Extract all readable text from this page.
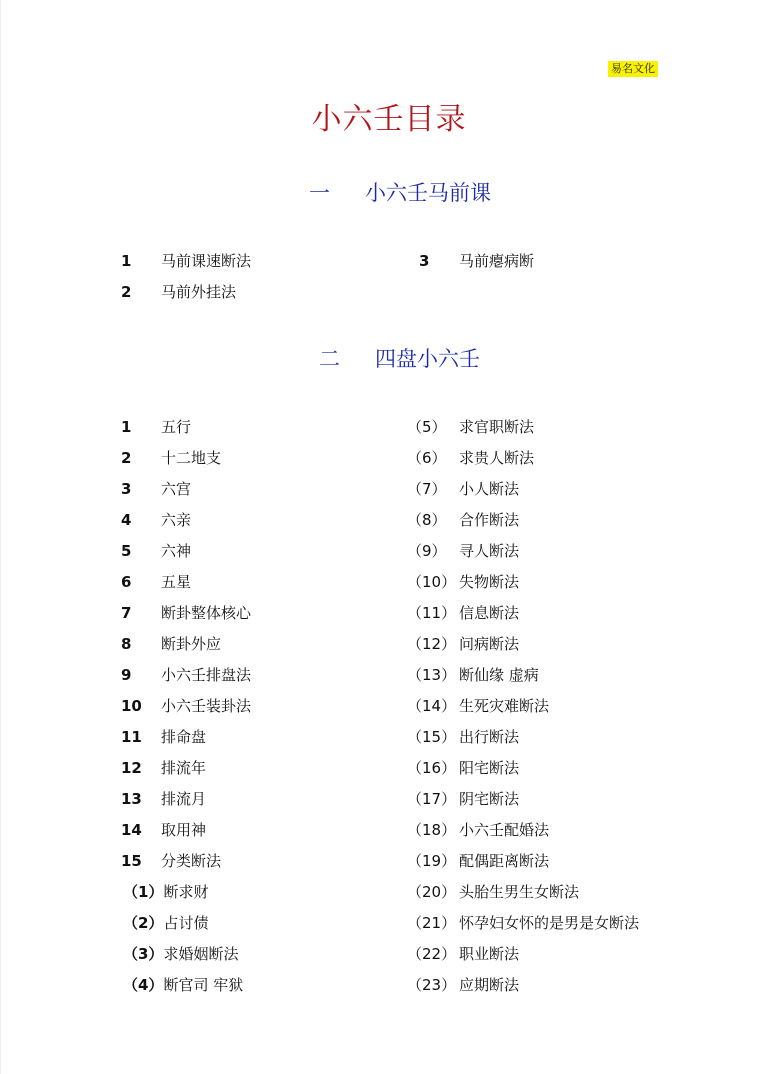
易名文化
小六壬目录
一 小六壬马前课
1 马前课速断法
2 马前外挂法
3 马前瘪病断
二 四盘小六壬
1 五行
2 十二地支
3 六宫
4 六亲
5 六神
6 五星
7 断卦整体核心
8 断卦外应
9 小六壬排盘法
10 小六壬装卦法
11 排命盘
12 排流年
13 排流月
14 取用神
15 分类断法
（1）断求财
（2）占讨债
（3）求婚姻断法
（4）断官司 牢狱
（5） 求官职断法
（6） 求贵人断法
（7） 小人断法
（8） 合作断法
（9） 寻人断法
（10） 失物断法
（11） 信息断法
（12） 问病断法
（13） 断仙缘 虚病
（14） 生死灾难断法
（15） 出行断法
（16） 阳宅断法
（17） 阴宅断法
（18） 小六壬配婚法
（19） 配偶距离断法
（20） 头胎生男生女断法
（21） 怀孕妇女怀的是男是女断法
（22） 职业断法
（23） 应期断法
